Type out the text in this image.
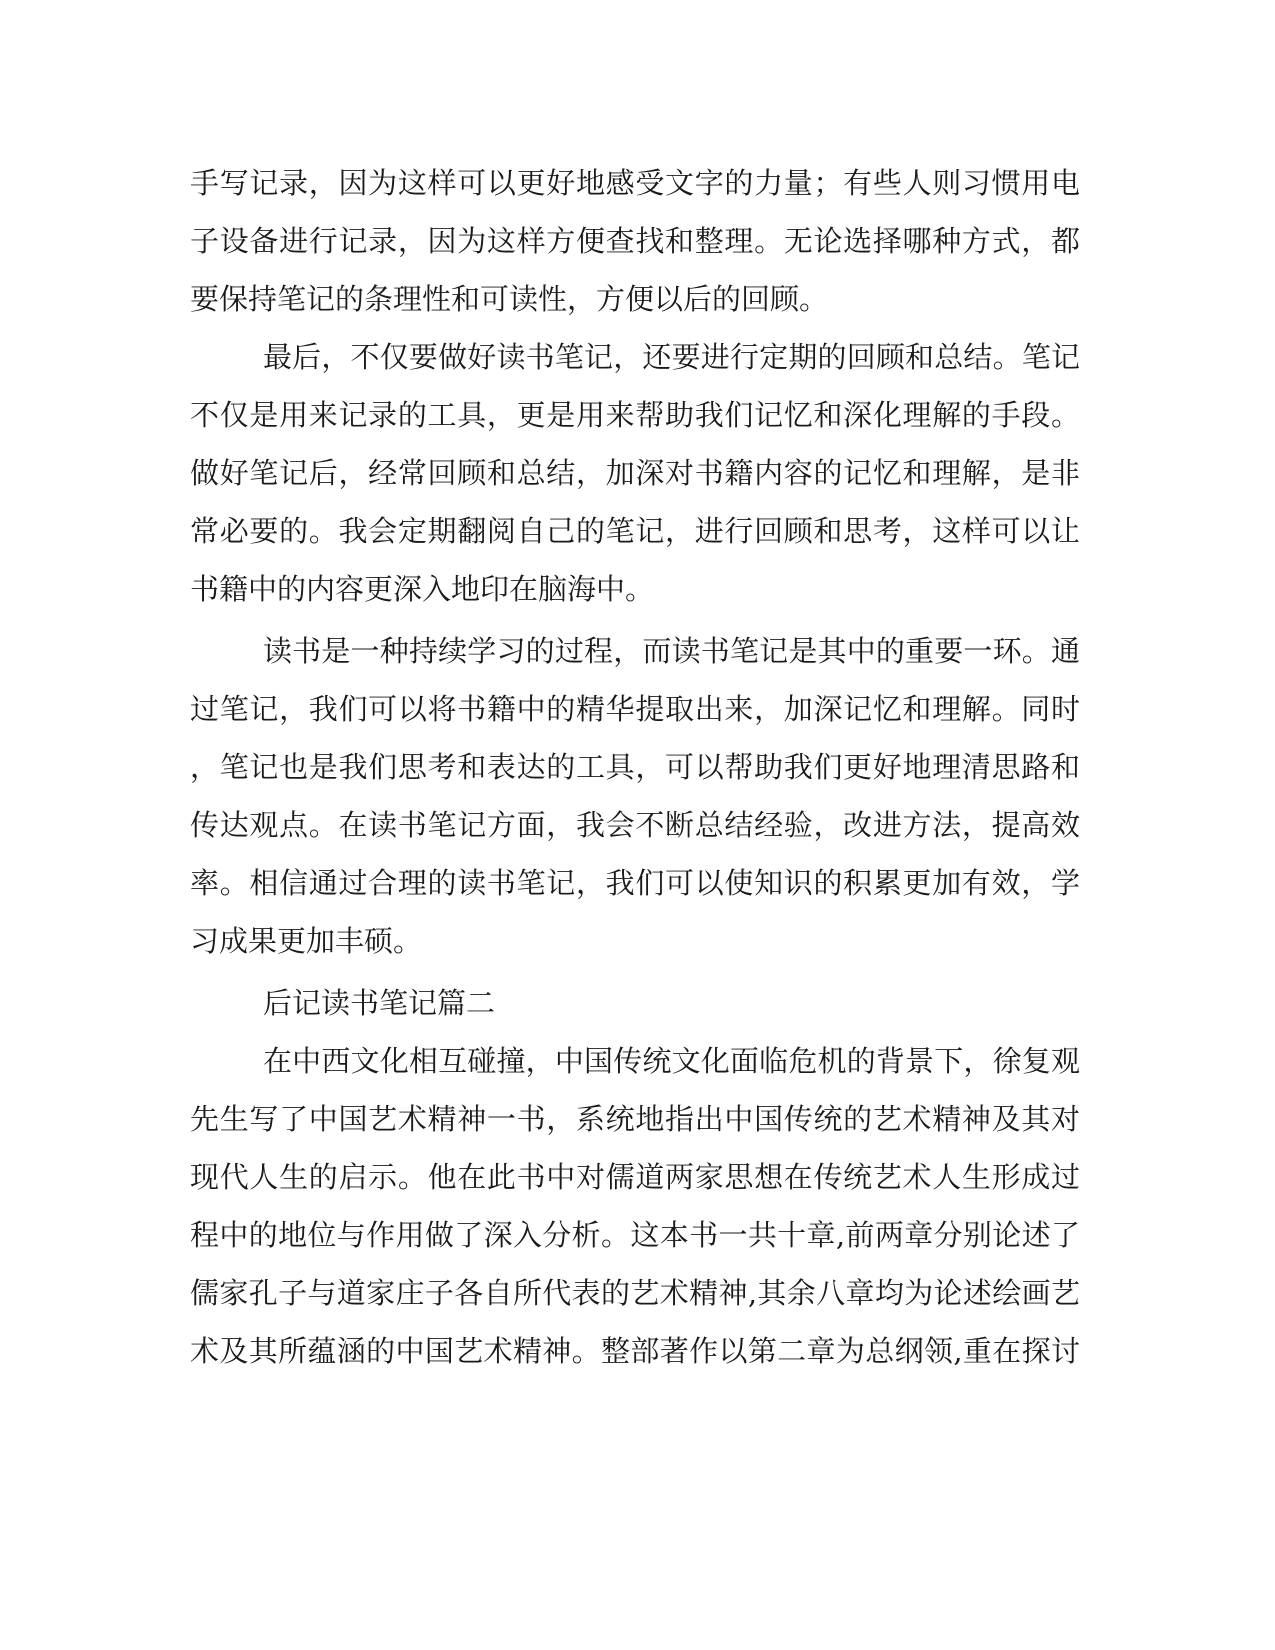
手写记录，因为这样可以更好地感受文字的力量；有些人则习惯用电
子设备进行记录，因为这样方便查找和整理。无论选择哪种方式，都
要保持笔记的条理性和可读性，方便以后的回顾。
最后，不仅要做好读书笔记，还要进行定期的回顾和总结。笔记
不仅是用来记录的工具，更是用来帮助我们记忆和深化理解的手段。
做好笔记后，经常回顾和总结，加深对书籍内容的记忆和理解，是非
常必要的。我会定期翻阅自己的笔记，进行回顾和思考，这样可以让
书籍中的内容更深入地印在脑海中。
读书是一种持续学习的过程，而读书笔记是其中的重要一环。通
过笔记，我们可以将书籍中的精华提取出来，加深记忆和理解。同时
，笔记也是我们思考和表达的工具，可以帮助我们更好地理清思路和
传达观点。在读书笔记方面，我会不断总结经验，改进方法，提高效
率。相信通过合理的读书笔记，我们可以使知识的积累更加有效，学
习成果更加丰硕。
后记读书笔记篇二
在中西文化相互碰撞，中国传统文化面临危机的背景下，徐复观
先生写了中国艺术精神一书，系统地指出中国传统的艺术精神及其对
现代人生的启示。他在此书中对儒道两家思想在传统艺术人生形成过
程中的地位与作用做了深入分析。这本书一共十章,前两章分别论述了
儒家孔子与道家庄子各自所代表的艺术精神,其余八章均为论述绘画艺
术及其所蕴涵的中国艺术精神。整部著作以第二章为总纲领,重在探讨
